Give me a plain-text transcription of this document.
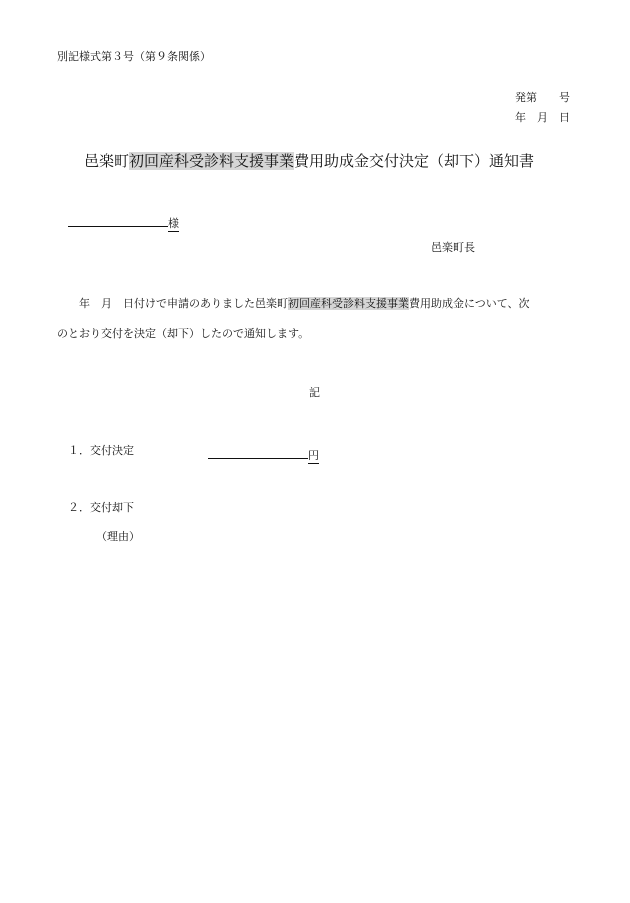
別記様式第３号（第９条関係）
発第 号
年 月 日
邑楽町初回産科受診料支援事業費用助成金交付決定（却下）通知書
様
邑楽町長
年 月 日付けで申請のありました邑楽町初回産科受診料支援事業費用助成金について、次
のとおり交付を決定（却下）したので通知します。
記
１．交付決定	円
２．交付却下
（理由）
